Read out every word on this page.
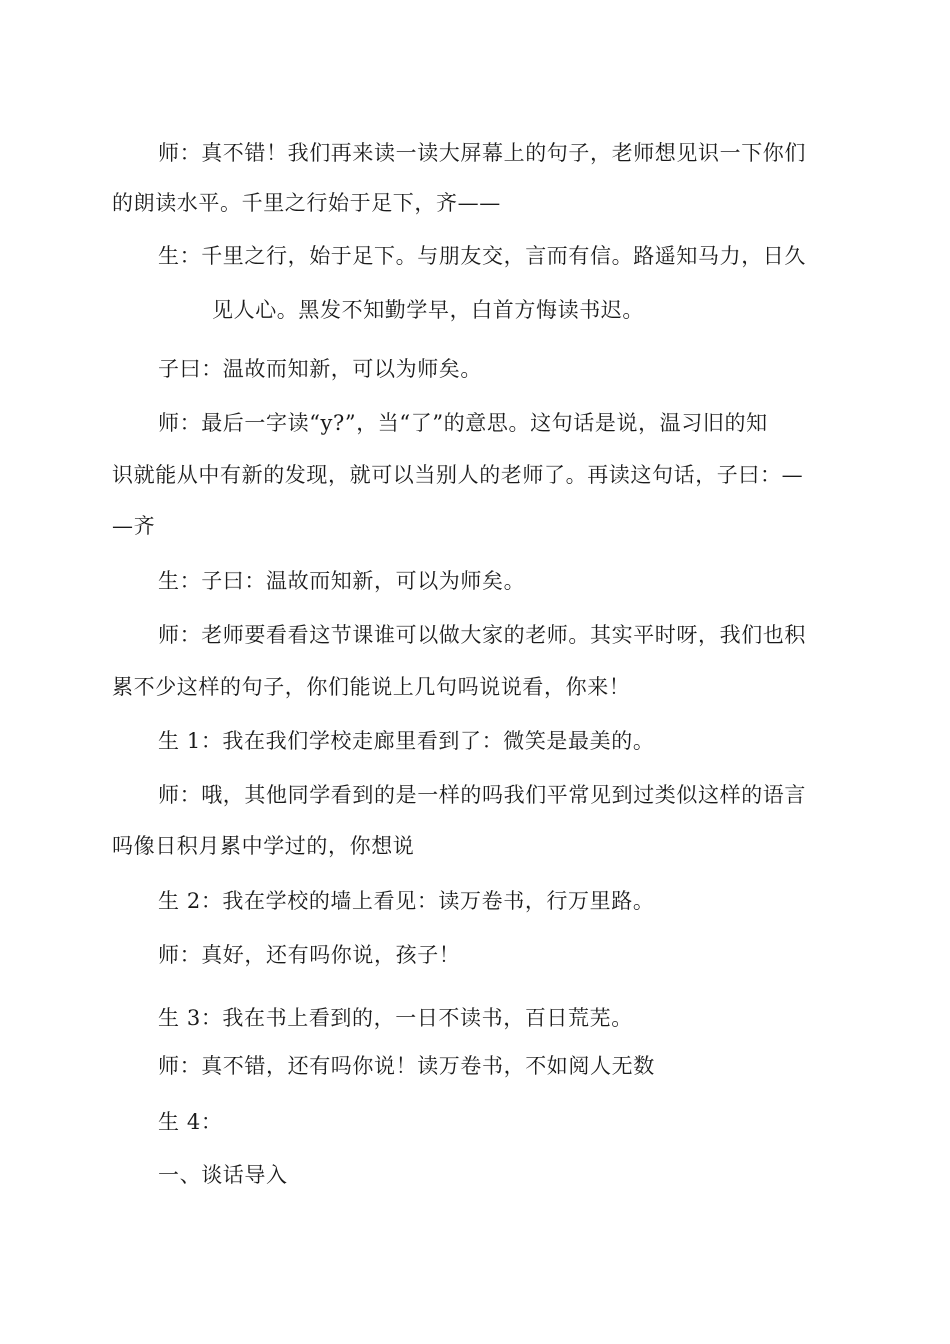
师：真不错！我们再来读一读大屏幕上的句子，老师想见识一下你们

的朗读水平。千里之行始于足下，齐——

生：千里之行，始于足下。与朋友交，言而有信。路遥知马力，日久

见人心。黑发不知勤学早，白首方悔读书迟。

子曰：温故而知新，可以为师矣。

师：最后一字读“y?”，当“了”的意思。这句话是说，温习旧的知

识就能从中有新的发现，就可以当别人的老师了。再读这句话，子曰：—

—齐

生：子曰：温故而知新，可以为师矣。

师：老师要看看这节课谁可以做大家的老师。其实平时呀，我们也积

累不少这样的句子，你们能说上几句吗说说看，你来！

生 1：我在我们学校走廊里看到了：微笑是最美的。

师：哦，其他同学看到的是一样的吗我们平常见到过类似这样的语言

吗像日积月累中学过的，你想说

生 2：我在学校的墙上看见：读万卷书，行万里路。

师：真好，还有吗你说，孩子！

生 3：我在书上看到的，一日不读书，百日荒芜。

师：真不错，还有吗你说！读万卷书，不如阅人无数

生 4：

一、谈话导入
